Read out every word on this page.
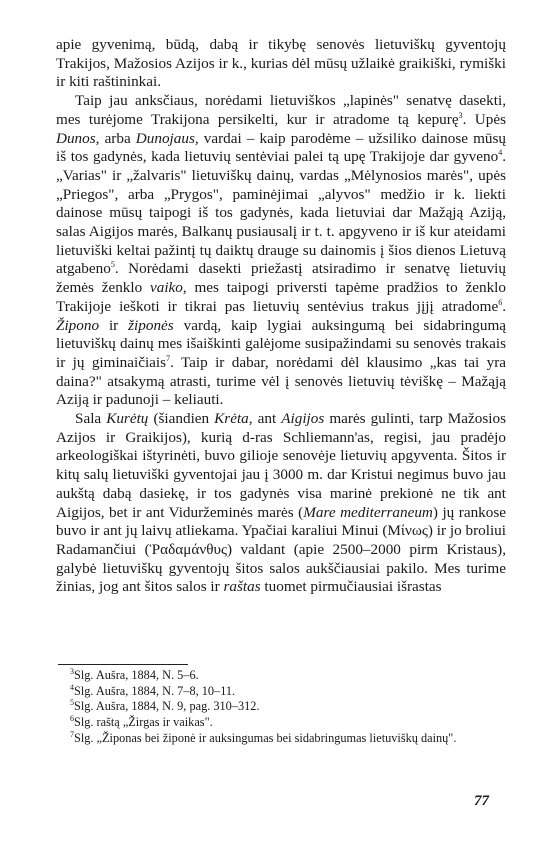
apie gyvenimą, būdą, dabą ir tikybę senovės lietuviškų gyventojų Trakijos, Mažosios Azijos ir k., kurias dėl mūsų užlaikė graikiški, rymiški ir kiti raštininkai.

Taip jau anksčiaus, norėdami lietuviškos „lapinės" senatvę dasekti, mes turėjome Trakijona persikelti, kur ir atradome tą kepurę$^3$. Upės Dunos, arba Dunojaus, vardai – kaip parodėme – užsiliko dainose mūsų iš tos gadynės, kada lietuvių sentėviai palei tą upę Trakijoje dar gyveno$^4$. „Varias" ir „žalvaris" lietuviškų dainų, vardas „Mėlynosios marės", upės „Priegos", arba „Prygos", paminėjimai „alyvos" medžio ir k. liekti dainose mūsų taipogi iš tos gadynės, kada lietuviai dar Mažąją Aziją, salas Aigijos marės, Balkanų pusiausalį ir t. t. apgyveno ir iš kur ateidami lietuviški keltai pažintį tų daiktų drauge su dainomis į šios dienos Lietuvą atgabeno$^5$. Norėdami dasekti priežastį atsiradimo ir senatvę lietuvių žemės ženklo vaiko, mes taipogi priversti tapėme pradžios to ženklo Trakijoje ieškoti ir tikrai pas lietuvių sentėvius trakus jįjį atradome$^6$. Žiponо ir žiponės vardą, kaip lygiai auksingumą bei sidabringumą lietuviškų dainų mes išaiškinti galėjome susipažindami su senovės trakais ir jų giminaičiais$^7$. Taip ir dabar, norėdami dėl klausimo „kas tai yra daina?" atsakymą atrasti, turime vėl į senovės lietuvių tėviškę – Mažąją Aziją ir padunoji – keliauti.

Sala Kurėtų (šiandien Krėta, ant Aigijos marės gulinti, tarp Mažosios Azijos ir Graikijos), kurią d-ras Schliemann'as, regisi, jau pradėjo arkeologiškai ištyrinėti, buvo gilioje senovėje lietuvių apgyventa. Šitos ir kitų salų lietuviški gyventojai jau į 3000 m. dar Kristui negimus buvo jau aukštą dabą dasiekę, ir tos gadynės visa marinė prekionė ne tik ant Aigijos, bet ir ant Viduržeminės marės (Mare mediterraneum) jų rankose buvo ir ant jų laivų atliekama. Ypačiai karaliui Minui (Μίνως) ir jo broliui Radamančiui (Ῥαδαμάνθυς) valdant (apie 2500–2000 pirm Kristaus), galybė lietuviškų gyventojų šitos salos aukščiausiai pakilo. Mes turime žinias, jog ant šitos salos ir raštas tuomet pirmučiausiai išrastas

3Slg. Aušra, 1884, N. 5–6.
4Slg. Aušra, 1884, N. 7–8, 10–11.
5Slg. Aušra, 1884, N. 9, pag. 310–312.
6Slg. raštą „Žirgas ir vaikas".
7Slg. „Žiponas bei žiponė ir auksingumas bei sidabringumas lietuviškų dainų".
77
